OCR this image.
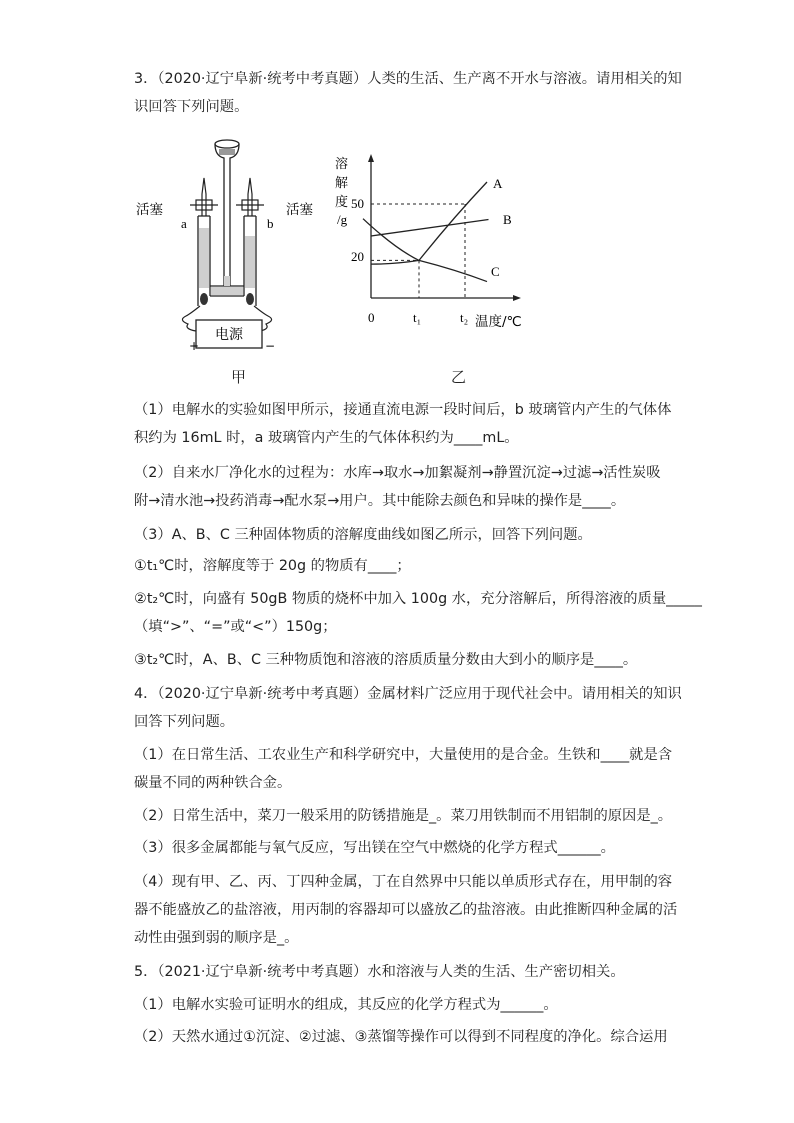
3．（2020·辽宁阜新·统考中考真题）人类的生活、生产离不开水与溶液。请用相关的知
识回答下列问题。
电源
+	−
活塞	活塞
a	b
甲
溶
解
度
/g
50
20
0	t₁	t₂ 温度/℃
A
B
C
乙
（1）电解水的实验如图甲所示，接通直流电源一段时间后，b 玻璃管内产生的气体体
积约为 16mL 时，a 玻璃管内产生的气体体积约为____mL。
（2）自来水厂净化水的过程为：水库→取水→加絮凝剂→静置沉淀→过滤→活性炭吸
附→清水池→投药消毒→配水泵→用户。其中能除去颜色和异味的操作是____。
（3）A、B、C 三种固体物质的溶解度曲线如图乙所示，回答下列问题。
①t₁℃时，溶解度等于 20g 的物质有____；
②t₂℃时，向盛有 50gB 物质的烧杯中加入 100g 水，充分溶解后，所得溶液的质量_____
（填“>”、“=”或“<”）150g；
③t₂℃时，A、B、C 三种物质饱和溶液的溶质质量分数由大到小的顺序是____。
4．（2020·辽宁阜新·统考中考真题）金属材料广泛应用于现代社会中。请用相关的知识
回答下列问题。
（1）在日常生活、工农业生产和科学研究中，大量使用的是合金。生铁和____就是含
碳量不同的两种铁合金。
（2）日常生活中，菜刀一般采用的防锈措施是_。菜刀用铁制而不用铝制的原因是_。
（3）很多金属都能与氧气反应，写出镁在空气中燃烧的化学方程式______。
（4）现有甲、乙、丙、丁四种金属，丁在自然界中只能以单质形式存在，用甲制的容
器不能盛放乙的盐溶液，用丙制的容器却可以盛放乙的盐溶液。由此推断四种金属的活
动性由强到弱的顺序是_。
5．（2021·辽宁阜新·统考中考真题）水和溶液与人类的生活、生产密切相关。
（1）电解水实验可证明水的组成，其反应的化学方程式为______。
（2）天然水通过①沉淀、②过滤、③蒸馏等操作可以得到不同程度的净化。综合运用
